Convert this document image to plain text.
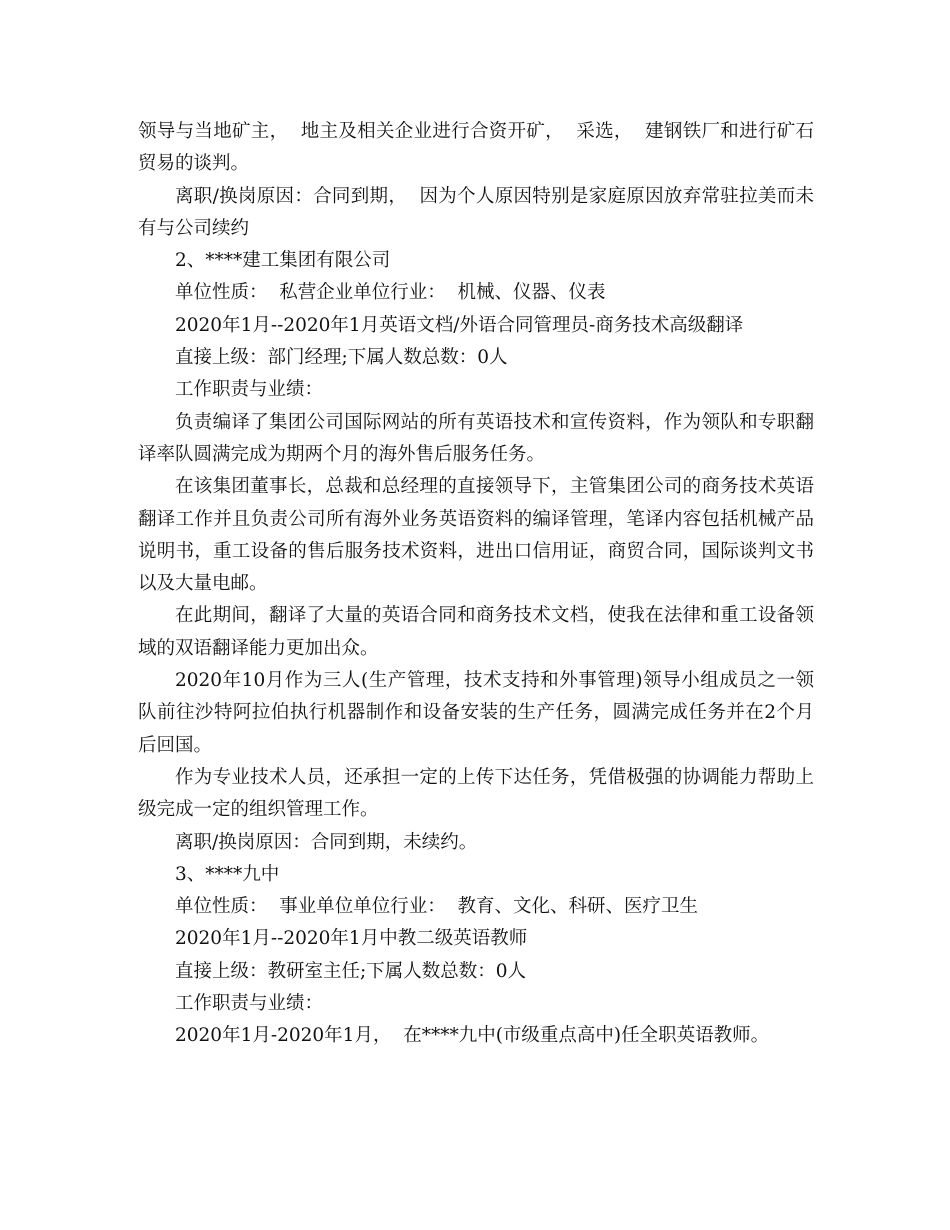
领导与当地矿主，  地主及相关企业进行合资开矿，  采选，  建钢铁厂和进行矿石贸易的谈判。

离职/换岗原因：合同到期，  因为个人原因特别是家庭原因放弃常驻拉美而未有与公司续约

2、****建工集团有限公司

单位性质：  私营企业单位行业：  机械、仪器、仪表

2020年1月--2020年1月英语文档/外语合同管理员-商务技术高级翻译

直接上级：部门经理;下属人数总数：0人

工作职责与业绩：

负责编译了集团公司国际网站的所有英语技术和宣传资料，作为领队和专职翻译率队圆满完成为期两个月的海外售后服务任务。

在该集团董事长，总裁和总经理的直接领导下，主管集团公司的商务技术英语翻译工作并且负责公司所有海外业务英语资料的编译管理，笔译内容包括机械产品说明书，重工设备的售后服务技术资料，进出口信用证，商贸合同，国际谈判文书以及大量电邮。

在此期间，翻译了大量的英语合同和商务技术文档，使我在法律和重工设备领域的双语翻译能力更加出众。

2020年10月作为三人(生产管理，技术支持和外事管理)领导小组成员之一领队前往沙特阿拉伯执行机器制作和设备安装的生产任务，圆满完成任务并在2个月后回国。

作为专业技术人员，还承担一定的上传下达任务，凭借极强的协调能力帮助上级完成一定的组织管理工作。

离职/换岗原因：合同到期，未续约。

3、****九中

单位性质：  事业单位单位行业：  教育、文化、科研、医疗卫生

2020年1月--2020年1月中教二级英语教师

直接上级：教研室主任;下属人数总数：0人

工作职责与业绩：

2020年1月-2020年1月，  在****九中(市级重点高中)任全职英语教师。
